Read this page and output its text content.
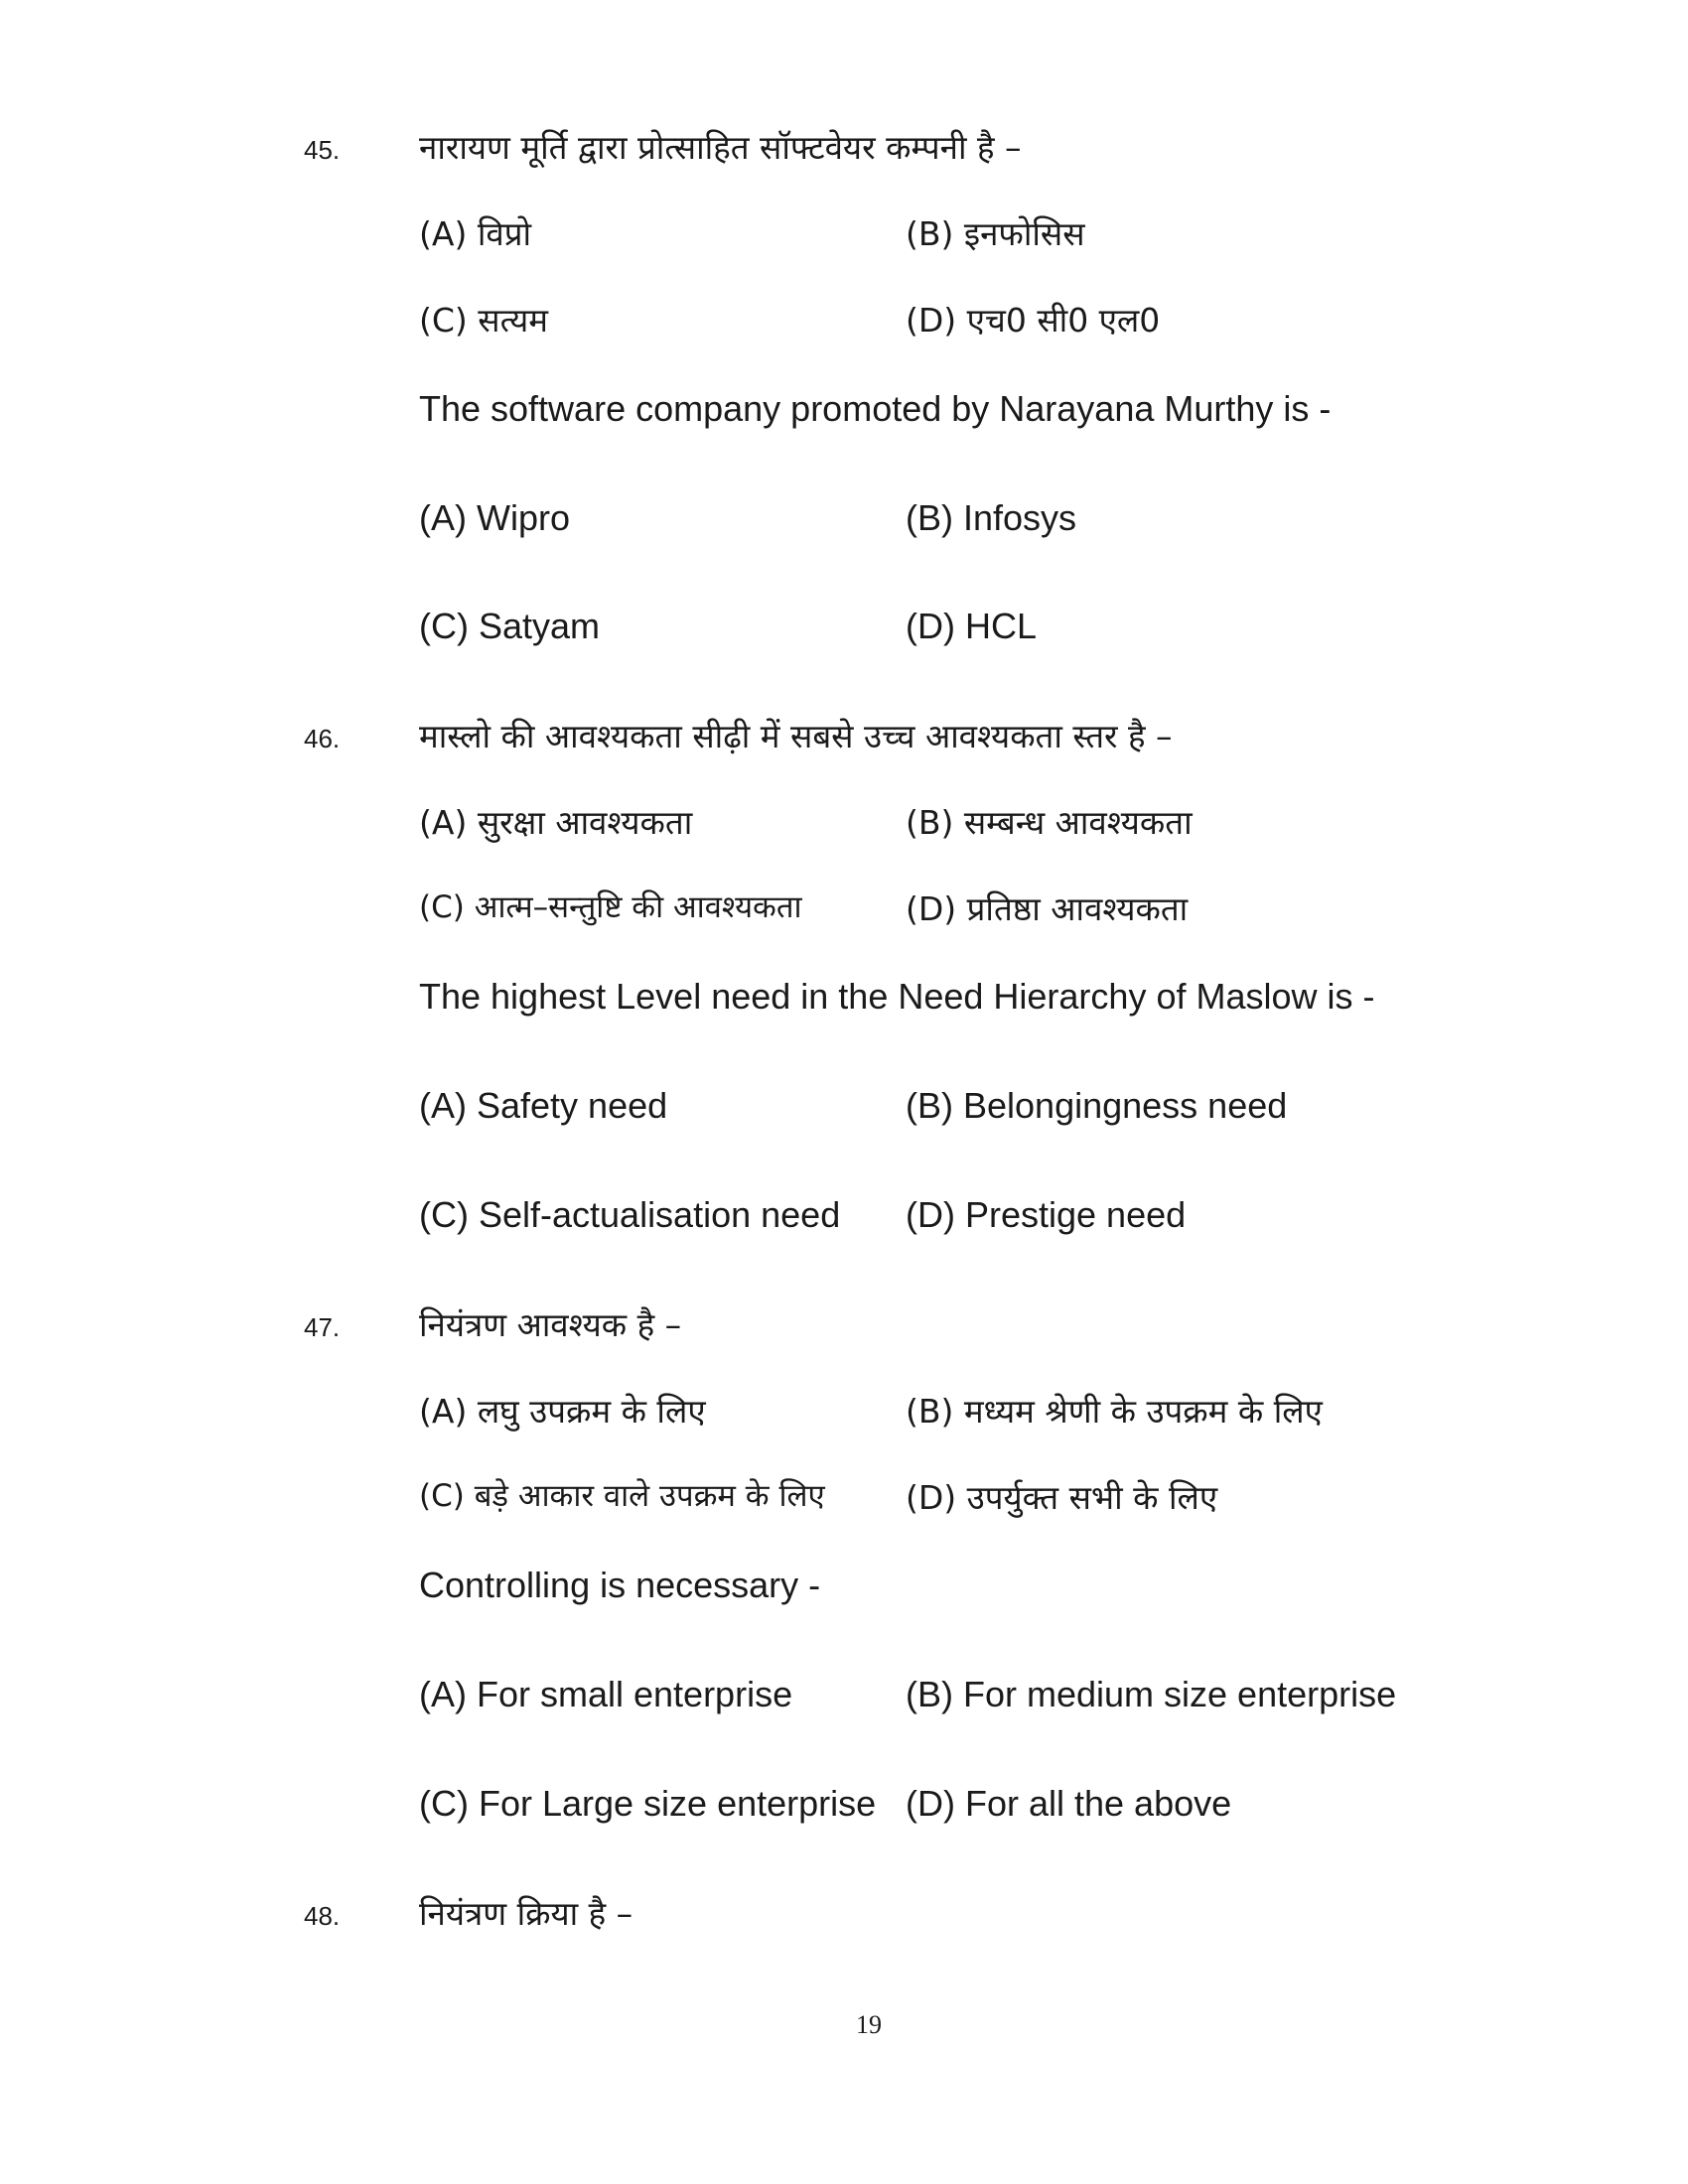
45. नारायण मूर्ति द्वारा प्रोत्साहित सॉफ्टवेयर कम्पनी है –
(A) विप्रो	(B) इनफोसिस
(C) सत्यम	(D) एच0 सी0 एल0
The software company promoted by Narayana Murthy is -
(A) Wipro	(B) Infosys
(C) Satyam	(D) HCL
46. मास्लो की आवश्यकता सीढ़ी में सबसे उच्च आवश्यकता स्तर है –
(A) सुरक्षा आवश्यकता	(B) सम्बन्ध आवश्यकता
(C) आत्म–सन्तुष्टि की आवश्यकता	(D) प्रतिष्ठा आवश्यकता
The highest Level need in the Need Hierarchy of Maslow is -
(A) Safety need	(B) Belongingness need
(C) Self-actualisation need (D) Prestige need
47. नियंत्रण आवश्यक है –
(A) लघु उपक्रम के लिए	(B) मध्यम श्रेणी के उपक्रम के लिए
(C) बड़े आकार वाले उपक्रम के लिए (D) उपर्युक्त सभी के लिए
Controlling is necessary -
(A) For small enterprise	(B) For medium size enterprise
(C) For Large size enterprise (D) For all the above
48. नियंत्रण क्रिया है –
19
